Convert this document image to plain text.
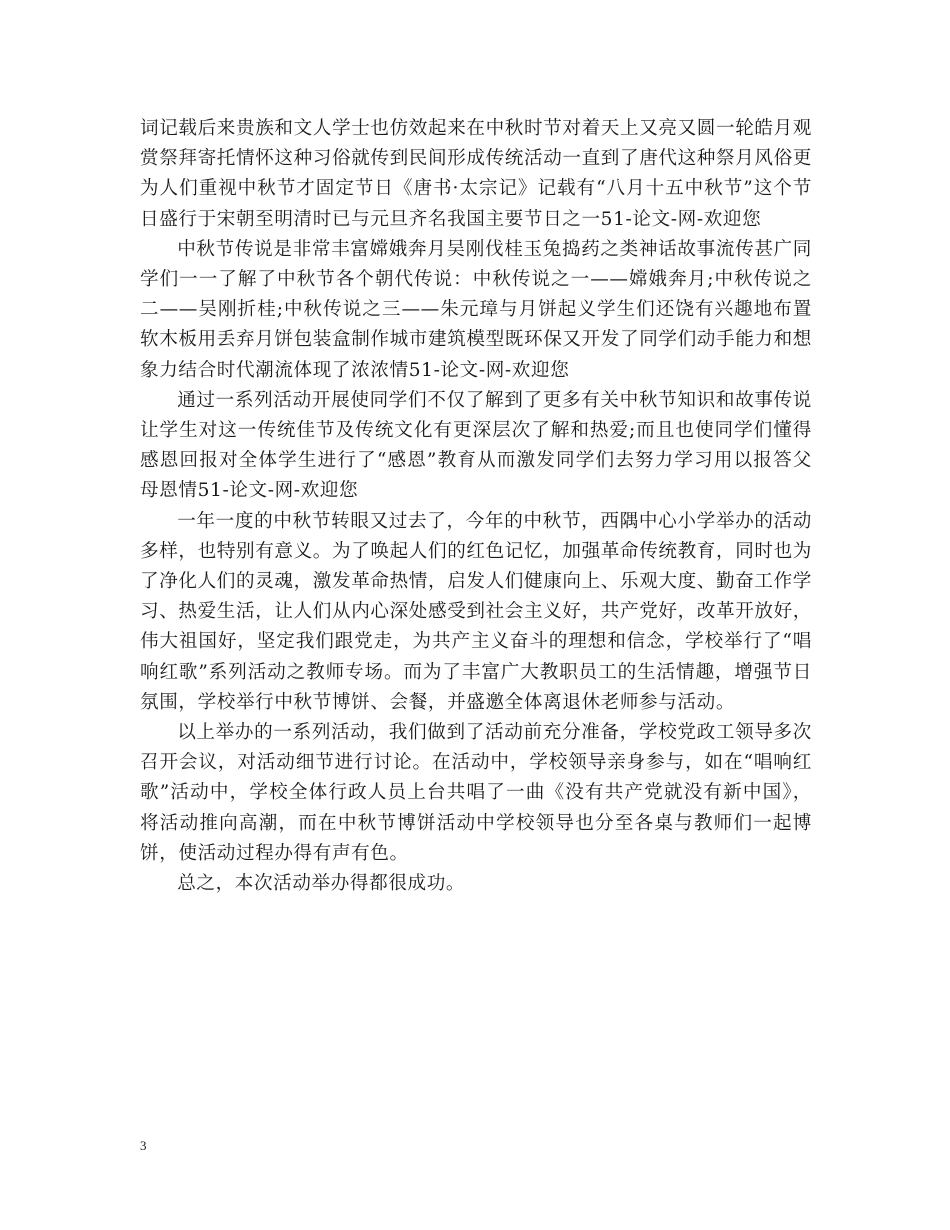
词记载后来贵族和文人学士也仿效起来在中秋时节对着天上又亮又圆一轮皓月观赏祭拜寄托情怀这种习俗就传到民间形成传统活动一直到了唐代这种祭月风俗更为人们重视中秋节才固定节日《唐书·太宗记》记载有“八月十五中秋节”这个节日盛行于宋朝至明清时已与元旦齐名我国主要节日之一51-论文-网-欢迎您

中秋节传说是非常丰富嫦娥奔月吴刚伐桂玉兔捣药之类神话故事流传甚广同学们一一了解了中秋节各个朝代传说：中秋传说之一——嫦娥奔月;中秋传说之二——吴刚折桂;中秋传说之三——朱元璋与月饼起义学生们还饶有兴趣地布置软木板用丢弃月饼包装盒制作城市建筑模型既环保又开发了同学们动手能力和想象力结合时代潮流体现了浓浓情51-论文-网-欢迎您

通过一系列活动开展使同学们不仅了解到了更多有关中秋节知识和故事传说让学生对这一传统佳节及传统文化有更深层次了解和热爱;而且也使同学们懂得感恩回报对全体学生进行了“感恩”教育从而激发同学们去努力学习用以报答父母恩情51-论文-网-欢迎您

一年一度的中秋节转眼又过去了，今年的中秋节，西隅中心小学举办的活动多样，也特别有意义。为了唤起人们的红色记忆，加强革命传统教育，同时也为了净化人们的灵魂，激发革命热情，启发人们健康向上、乐观大度、勤奋工作学习、热爱生活，让人们从内心深处感受到社会主义好，共产党好，改革开放好，伟大祖国好，坚定我们跟党走，为共产主义奋斗的理想和信念，学校举行了“唱响红歌”系列活动之教师专场。而为了丰富广大教职员工的生活情趣，增强节日氛围，学校举行中秋节博饼、会餐，并盛邀全体离退休老师参与活动。

以上举办的一系列活动，我们做到了活动前充分准备，学校党政工领导多次召开会议，对活动细节进行讨论。在活动中，学校领导亲身参与，如在“唱响红歌”活动中，学校全体行政人员上台共唱了一曲《没有共产党就没有新中国》，将活动推向高潮，而在中秋节博饼活动中学校领导也分至各桌与教师们一起博饼，使活动过程办得有声有色。

总之，本次活动举办得都很成功。

3
